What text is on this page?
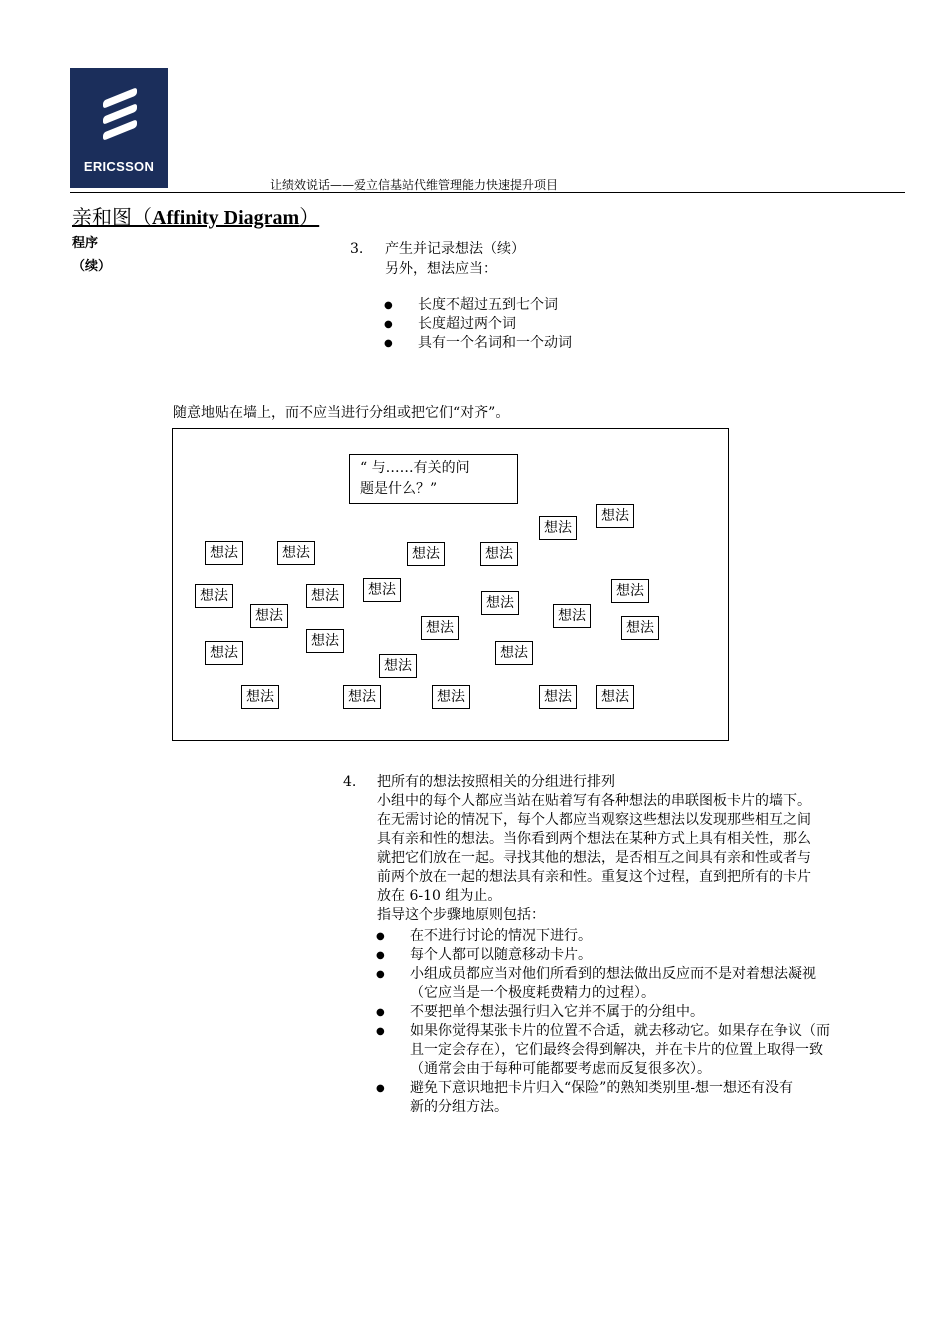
ERICSSON
让绩效说话——爱立信基站代维管理能力快速提升项目
亲和图（Affinity Diagram）
程序
（续）
3. 产生并记录想法（续）
另外，想法应当：
● 长度不超过五到七个词
● 长度超过两个词
● 具有一个名词和一个动词
随意地贴在墙上，而不应当进行分组或把它们“对齐”。
“ 与……有关的问
题是什么？”
想法
想法
想法	想法	想法	想法
想法	想法
想法	想法	想法
想法	想法
想法	想法
想法
想法	想法
想法
想法	想法	想法	想法	想法
4. 把所有的想法按照相关的分组进行排列
小组中的每个人都应当站在贴着写有各种想法的串联图板卡片的墙下。
在无需讨论的情况下，每个人都应当观察这些想法以发现那些相互之间
具有亲和性的想法。当你看到两个想法在某种方式上具有相关性，那么
就把它们放在一起。寻找其他的想法，是否相互之间具有亲和性或者与
前两个放在一起的想法具有亲和性。重复这个过程，直到把所有的卡片
放在 6-10 组为止。
指导这个步骤地原则包括：
● 在不进行讨论的情况下进行。
● 每个人都可以随意移动卡片。
● 小组成员都应当对他们所看到的想法做出反应而不是对着想法凝视
（它应当是一个极度耗费精力的过程）。
● 不要把单个想法强行归入它并不属于的分组中。
● 如果你觉得某张卡片的位置不合适，就去移动它。如果存在争议（而
且一定会存在），它们最终会得到解决，并在卡片的位置上取得一致
（通常会由于每种可能都要考虑而反复很多次）。
● 避免下意识地把卡片归入“保险”的熟知类别里-想一想还有没有
新的分组方法。
